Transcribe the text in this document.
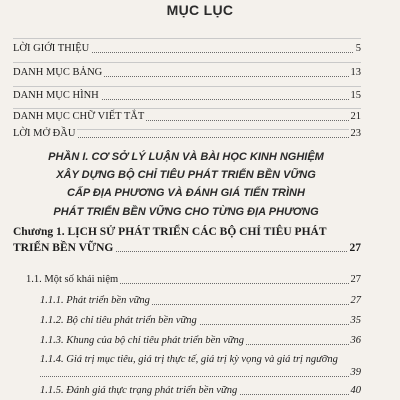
MỤC LỤC
LỜI GIỚI THIỆU	5
DANH MỤC BẢNG	13
DANH MỤC HÌNH	15
DANH MỤC CHỮ VIẾT TẮT	21
LỜI MỞ ĐẦU	23
PHẦN I. CƠ SỞ LÝ LUẬN VÀ BÀI HỌC KINH NGHIỆM
XÂY DỰNG BỘ CHỈ TIÊU PHÁT TRIỂN BỀN VỮNG
CẤP ĐỊA PHƯƠNG VÀ ĐÁNH GIÁ TIẾN TRÌNH
PHÁT TRIỂN BỀN VỮNG CHO TỪNG ĐỊA PHƯƠNG
Chương 1. LỊCH SỬ PHÁT TRIỂN CÁC BỘ CHỈ TIÊU PHÁT
TRIỂN BỀN VỮNG	27
1.1. Một số khái niệm	27
1.1.1. Phát triển bền vững	27
1.1.2. Bộ chỉ tiêu phát triển bền vững	35
1.1.3. Khung của bộ chỉ tiêu phát triển bền vững	36
1.1.4. Giá trị mục tiêu, giá trị thực tế, giá trị kỳ vọng và giá trị ngưỡng
39
1.1.5. Đánh giá thực trạng phát triển bền vững	40
